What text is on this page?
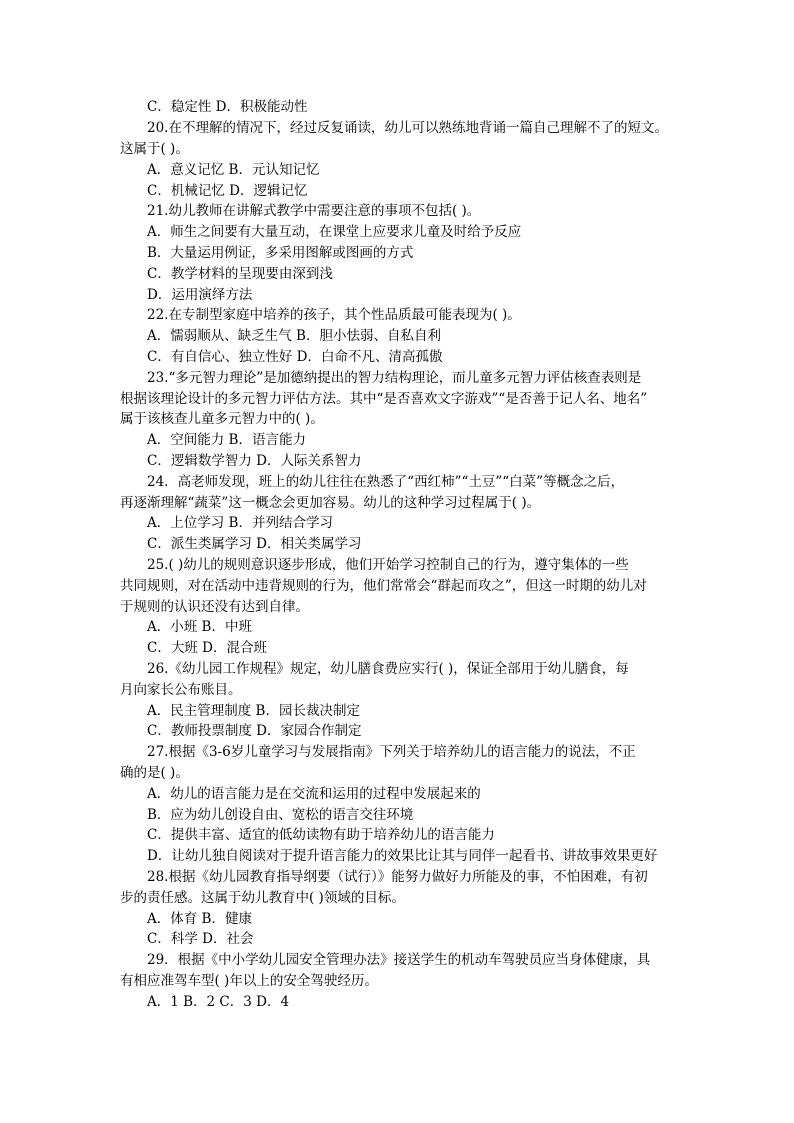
C．稳定性 D．积极能动性
20.在不理解的情况下，经过反复诵读，幼儿可以熟练地背诵一篇自己理解不了的短文。
这属于( )。
A．意义记忆 B．元认知记忆
C．机械记忆 D．逻辑记忆
21.幼儿教师在讲解式教学中需要注意的事项不包括( )。
A．师生之间要有大量互动，在课堂上应要求儿童及时给予反应
B．大量运用例证，多采用图解或图画的方式
C．教学材料的呈现要由深到浅
D．运用演绎方法
22.在专制型家庭中培养的孩子，其个性品质最可能表现为( )。
A．懦弱顺从、缺乏生气 B．胆小怯弱、自私自利
C．有自信心、独立性好 D．白命不凡、清高孤傲
23.“多元智力理论”是加德纳提出的智力结构理论，而儿童多元智力评估核查表则是
根据该理论设计的多元智力评估方法。其中“是否喜欢文字游戏”“是否善于记人名、地名”
属于该核查儿童多元智力中的( )。
A．空间能力 B．语言能力
C．逻辑数学智力 D．人际关系智力
24．高老师发现，班上的幼儿往往在熟悉了“西红柿”“土豆”“白菜”等概念之后，
再逐渐理解“蔬菜”这一概念会更加容易。幼儿的这种学习过程属于( )。
A．上位学习 B．并列结合学习
C．派生类属学习 D．相关类属学习
25.( )幼儿的规则意识逐步形成，他们开始学习控制自己的行为，遵守集体的一些
共同规则，对在活动中违背规则的行为，他们常常会“群起而攻之”，但这一时期的幼儿对
于规则的认识还没有达到自律。
A．小班 B．中班
C．大班 D．混合班
26.《幼儿园工作规程》规定，幼儿膳食费应实行( )，保证全部用于幼儿膳食，每
月向家长公布账目。
A．民主管理制度 B．园长裁决制定
C．教师投票制度 D．家园合作制定
27.根据《3-6岁儿童学习与发展指南》下列关于培养幼儿的语言能力的说法，不正
确的是( )。
A．幼儿的语言能力是在交流和运用的过程中发展起来的
B．应为幼儿创设自由、宽松的语言交往环境
C．提供丰富、适宜的低幼读物有助于培养幼儿的语言能力
D．让幼儿独自阅读对于提升语言能力的效果比让其与同伴一起看书、讲故事效果更好
28.根据《幼儿园教育指导纲要（试行）》能努力做好力所能及的事，不怕困难，有初
步的责任感。这属于幼儿教育中( )领域的目标。
A．体育 B．健康
C．科学 D．社会
29．根据《中小学幼儿园安全管理办法》接送学生的机动车驾驶员应当身体健康，具
有相应准驾车型( )年以上的安全驾驶经历。
A．1 B．2 C．3 D．4
